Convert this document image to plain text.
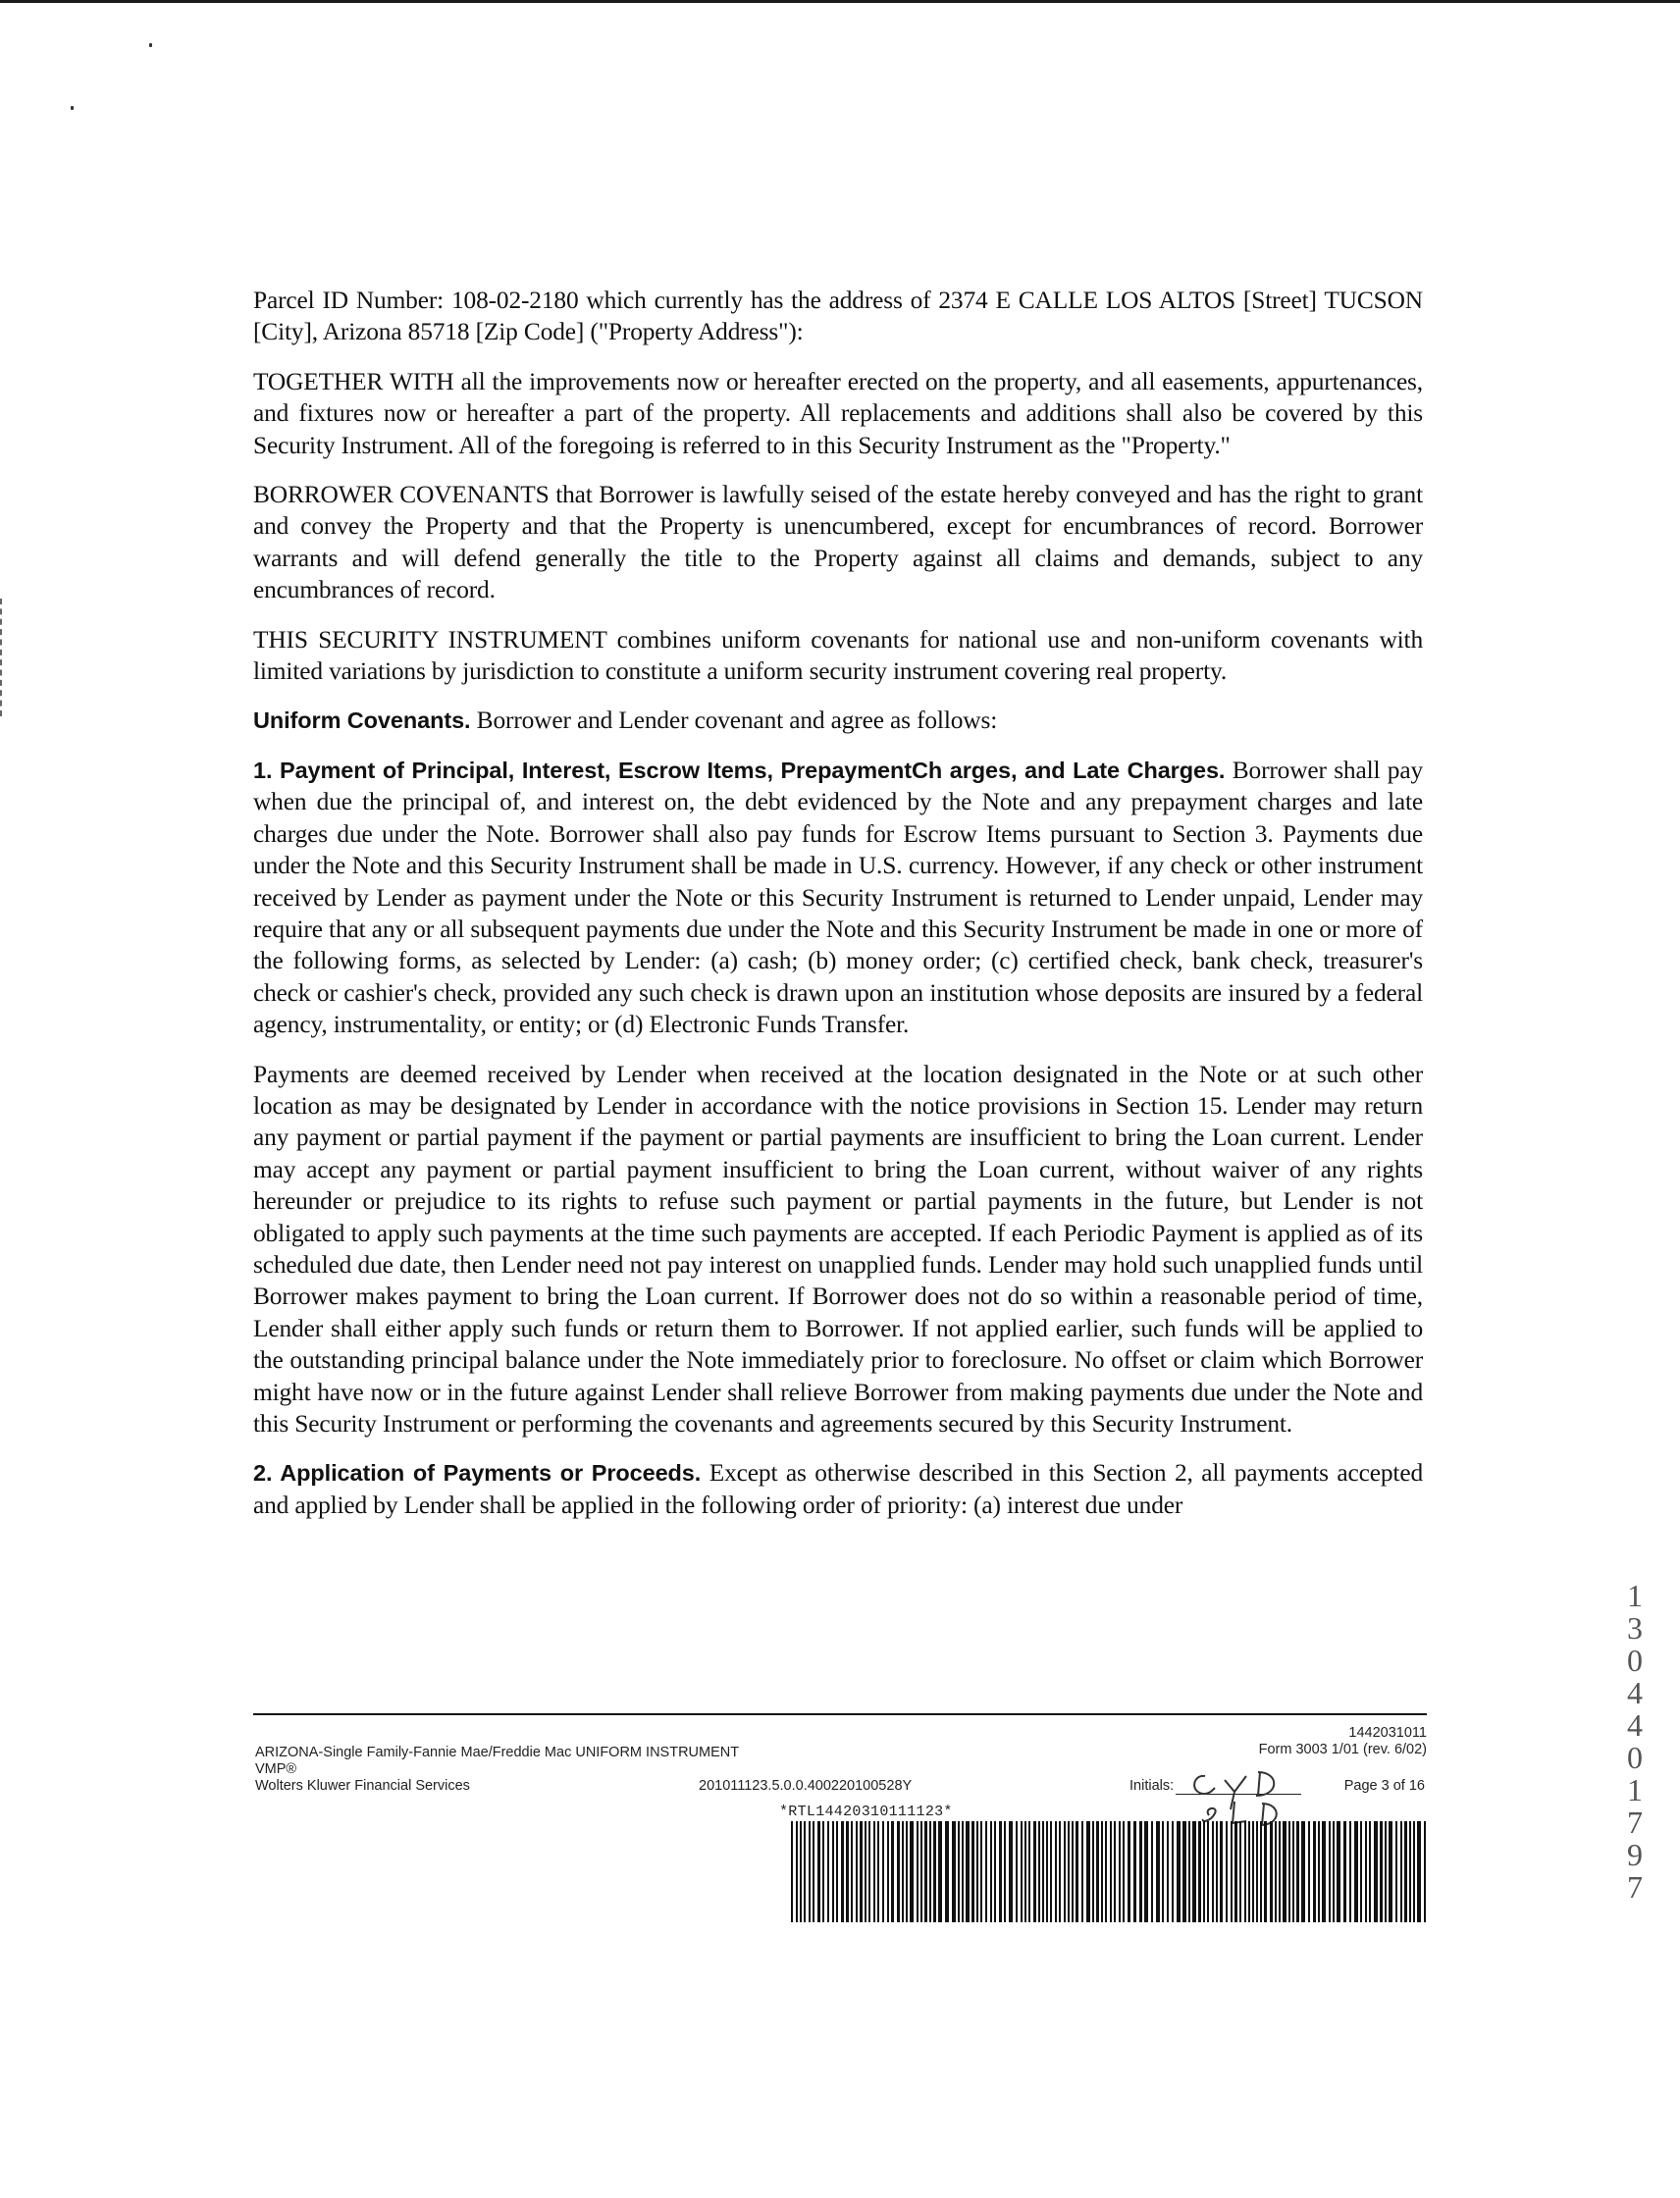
Parcel ID Number: 108-02-2180 which currently has the address of 2374 E CALLE LOS ALTOS [Street] TUCSON [City], Arizona 85718 [Zip Code] ("Property Address"):

TOGETHER WITH all the improvements now or hereafter erected on the property, and all easements, appurtenances, and fixtures now or hereafter a part of the property. All replacements and additions shall also be covered by this Security Instrument. All of the foregoing is referred to in this Security Instrument as the "Property."

BORROWER COVENANTS that Borrower is lawfully seised of the estate hereby conveyed and has the right to grant and convey the Property and that the Property is unencumbered, except for encumbrances of record. Borrower warrants and will defend generally the title to the Property against all claims and demands, subject to any encumbrances of record.

THIS SECURITY INSTRUMENT combines uniform covenants for national use and non-uniform covenants with limited variations by jurisdiction to constitute a uniform security instrument covering real property.

Uniform Covenants. Borrower and Lender covenant and agree as follows:

1. Payment of Principal, Interest, Escrow Items, PrepaymentCh arges, and Late Charges. Borrower shall pay when due the principal of, and interest on, the debt evidenced by the Note and any prepayment charges and late charges due under the Note. Borrower shall also pay funds for Escrow Items pursuant to Section 3. Payments due under the Note and this Security Instrument shall be made in U.S. currency. However, if any check or other instrument received by Lender as payment under the Note or this Security Instrument is returned to Lender unpaid, Lender may require that any or all subsequent payments due under the Note and this Security Instrument be made in one or more of the following forms, as selected by Lender: (a) cash; (b) money order; (c) certified check, bank check, treasurer's check or cashier's check, provided any such check is drawn upon an institution whose deposits are insured by a federal agency, instrumentality, or entity; or (d) Electronic Funds Transfer.

Payments are deemed received by Lender when received at the location designated in the Note or at such other location as may be designated by Lender in accordance with the notice provisions in Section 15. Lender may return any payment or partial payment if the payment or partial payments are insufficient to bring the Loan current. Lender may accept any payment or partial payment insufficient to bring the Loan current, without waiver of any rights hereunder or prejudice to its rights to refuse such payment or partial payments in the future, but Lender is not obligated to apply such payments at the time such payments are accepted. If each Periodic Payment is applied as of its scheduled due date, then Lender need not pay interest on unapplied funds. Lender may hold such unapplied funds until Borrower makes payment to bring the Loan current. If Borrower does not do so within a reasonable period of time, Lender shall either apply such funds or return them to Borrower. If not applied earlier, such funds will be applied to the outstanding principal balance under the Note immediately prior to foreclosure. No offset or claim which Borrower might have now or in the future against Lender shall relieve Borrower from making payments due under the Note and this Security Instrument or performing the covenants and agreements secured by this Security Instrument.

2. Application of Payments or Proceeds. Except as otherwise described in this Section 2, all payments accepted and applied by Lender shall be applied in the following order of priority: (a) interest due under

ARIZONA-Single Family-Fannie Mae/Freddie Mac UNIFORM INSTRUMENT
VMP®
Wolters Kluwer Financial Services	201011123.5.0.0.400220100528Y
1442031011
Form 3003 1/01 (rev. 6/02)
Initials:	Page 3 of 16
*RTL14420310111123*
1
3
0
4
4
0
1
7
9
7
